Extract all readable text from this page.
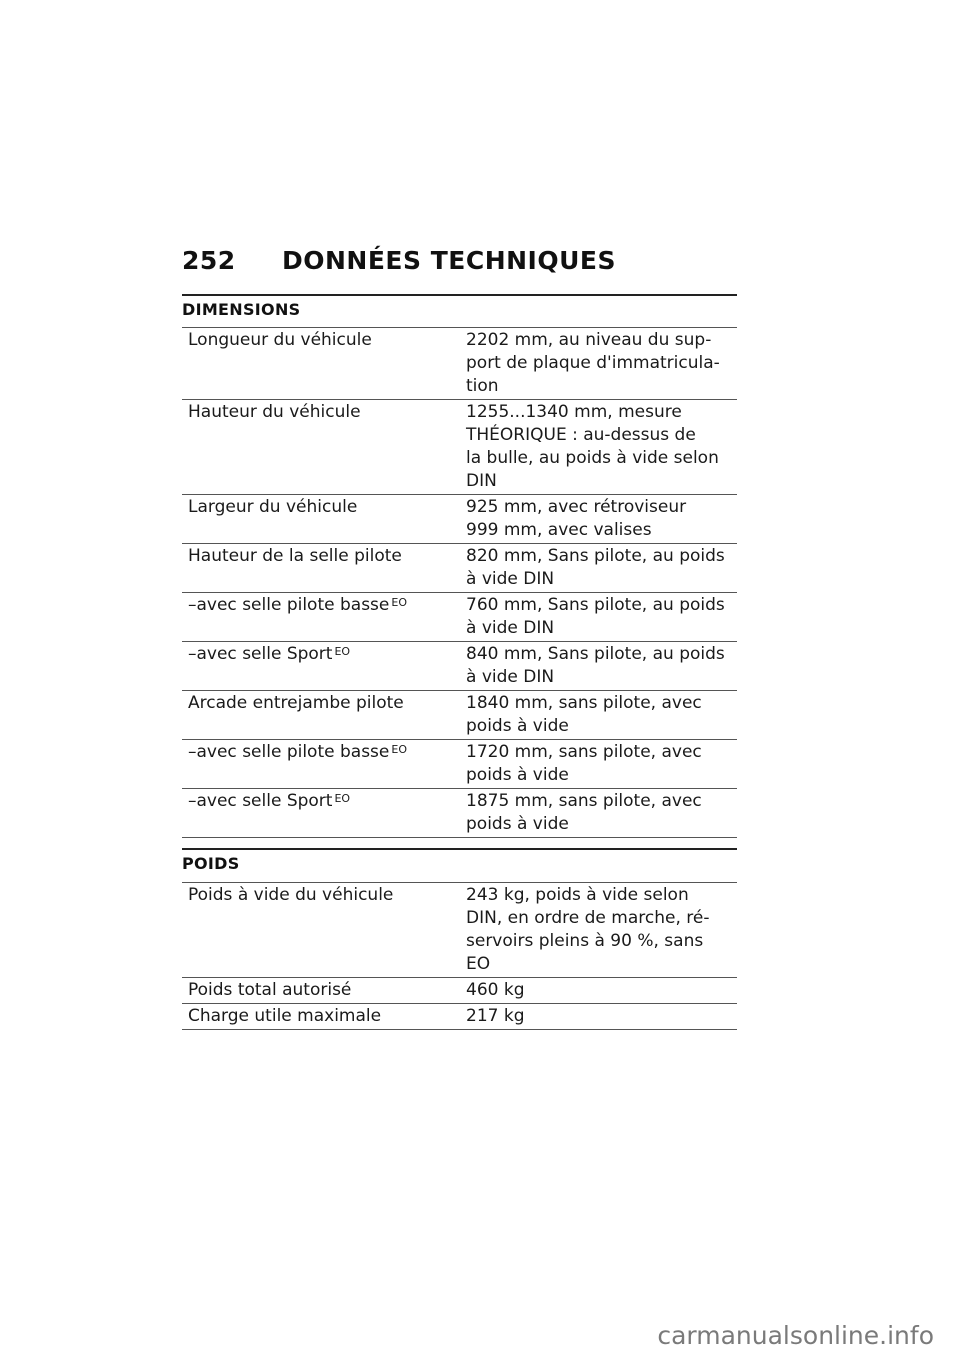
252	DONNÉES TECHNIQUES
DIMENSIONS
Longueur du véhicule	2202 mm, au niveau du sup-
port de plaque d'immatricula-
tion
Hauteur du véhicule	1255...1340 mm, mesure
THÉORIQUE : au-dessus de
la bulle, au poids à vide selon
DIN
Largeur du véhicule	925 mm, avec rétroviseur
999 mm, avec valises
Hauteur de la selle pilote	820 mm, Sans pilote, au poids
à vide DIN
–avec selle pilote basse $^{EO}$	760 mm, Sans pilote, au poids
à vide DIN
–avec selle Sport $^{EO}$	840 mm, Sans pilote, au poids
à vide DIN
Arcade entrejambe pilote	1840 mm, sans pilote, avec
poids à vide
–avec selle pilote basse $^{EO}$	1720 mm, sans pilote, avec
poids à vide
–avec selle Sport $^{EO}$	1875 mm, sans pilote, avec
poids à vide
POIDS
Poids à vide du véhicule	243 kg, poids à vide selon
DIN, en ordre de marche, ré-
servoirs pleins à 90 %, sans
EO
Poids total autorisé	460 kg
Charge utile maximale	217 kg
carmanualsonline.info
